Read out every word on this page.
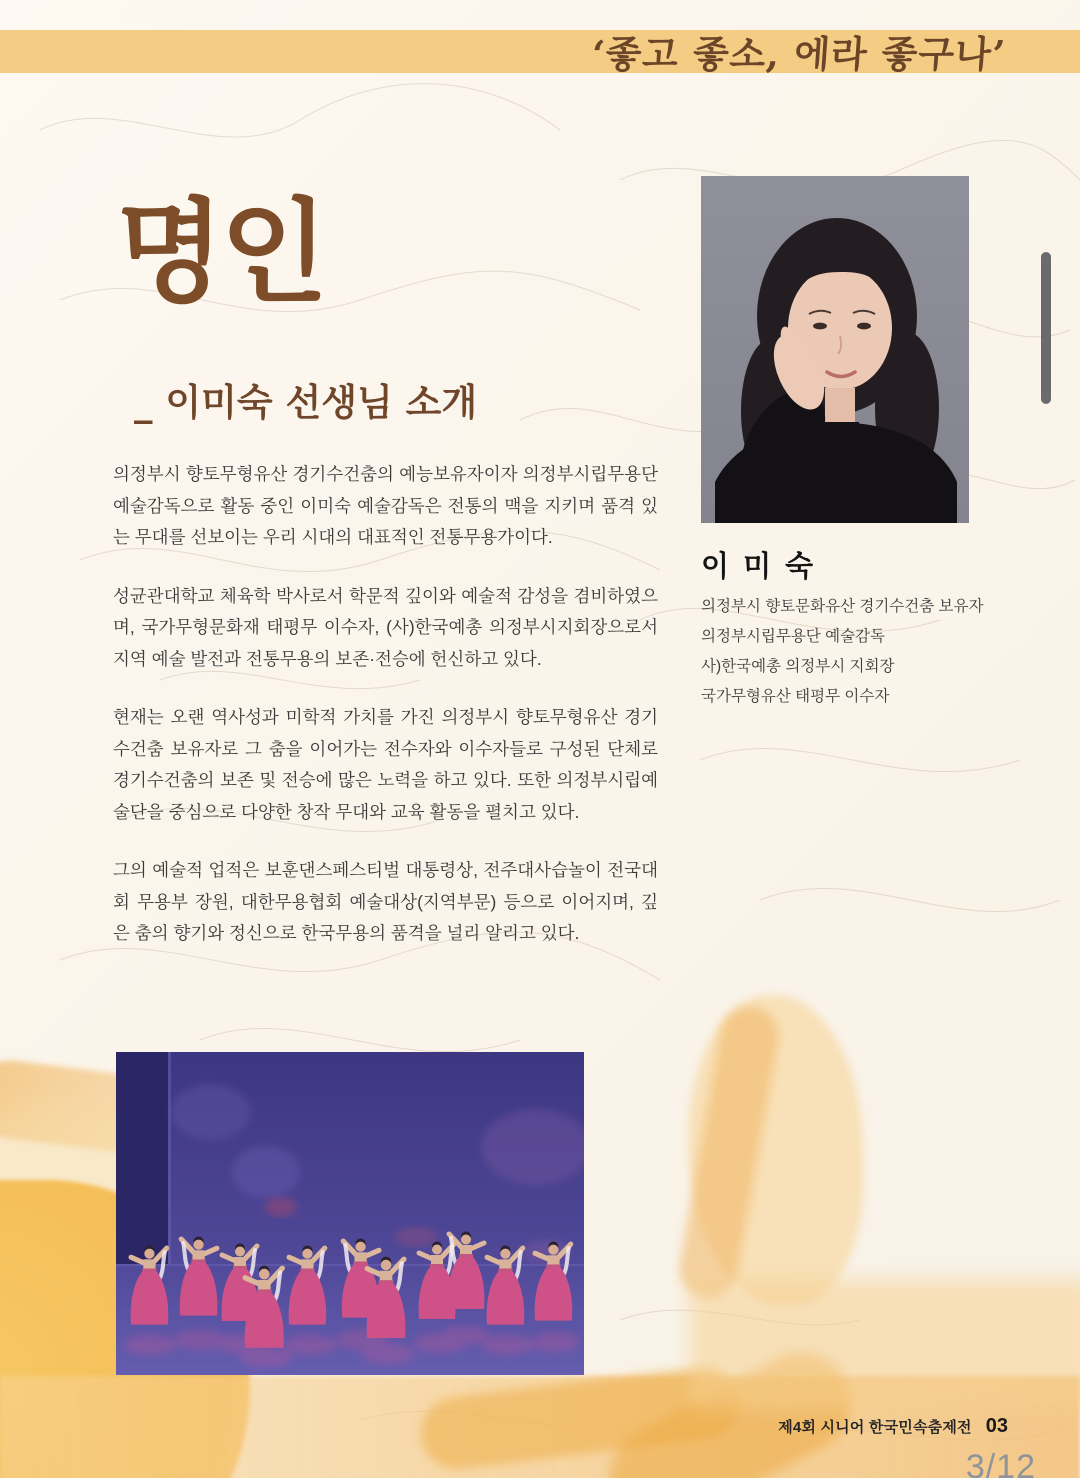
‘좋고 좋소, 에라 좋구나’
명인
_ 이미숙 선생님 소개

의정부시 향토무형유산 경기수건춤의 예능보유자이자 의정부시립무용단 예술감독으로 활동 중인 이미숙 예술감독은 전통의 맥을 지키며 품격 있는 무대를 선보이는 우리 시대의 대표적인 전통무용가이다.

성균관대학교 체육학 박사로서 학문적 깊이와 예술적 감성을 겸비하였으며, 국가무형문화재 태평무 이수자, (사)한국예총 의정부시지회장으로서 지역 예술 발전과 전통무용의 보존·전승에 헌신하고 있다.

현재는 오랜 역사성과 미학적 가치를 가진 의정부시 향토무형유산 경기수건춤 보유자로 그 춤을 이어가는 전수자와 이수자들로 구성된 단체로 경기수건춤의 보존 및 전승에 많은 노력을 하고 있다. 또한 의정부시립예술단을 중심으로 다양한 창작 무대와 교육 활동을 펼치고 있다.

그의 예술적 업적은 보훈댄스페스티벌 대통령상, 전주대사습놀이 전국대회 무용부 장원, 대한무용협회 예술대상(지역부문) 등으로 이어지며, 깊은 춤의 향기와 정신으로 한국무용의 품격을 널리 알리고 있다.

이 미 숙
의정부시 향토문화유산 경기수건춤 보유자
의정부시립무용단 예술감독
사)한국예총 의정부시 지회장
국가무형유산 태평무 이수자
제4회 시니어 한국민속춤제전 03
3/12
